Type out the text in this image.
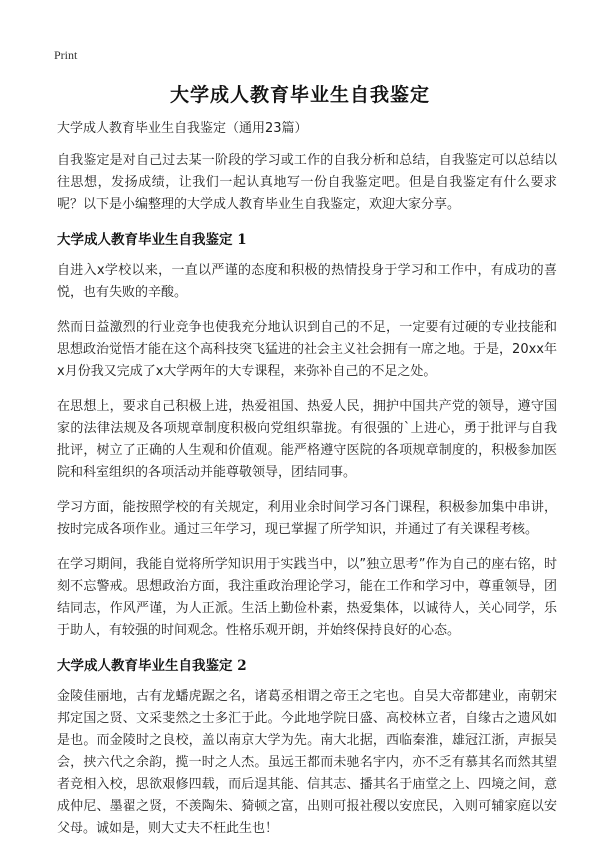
Print
大学成人教育毕业生自我鉴定
大学成人教育毕业生自我鉴定（通用23篇）

自我鉴定是对自己过去某一阶段的学习或工作的自我分析和总结，自我鉴定可以总结以往思想，发扬成绩，让我们一起认真地写一份自我鉴定吧。但是自我鉴定有什么要求呢？以下是小编整理的大学成人教育毕业生自我鉴定，欢迎大家分享。

大学成人教育毕业生自我鉴定 1

自进入x学校以来，一直以严谨的态度和积极的热情投身于学习和工作中，有成功的喜悦，也有失败的辛酸。

然而日益激烈的行业竞争也使我充分地认识到自己的不足，一定要有过硬的专业技能和思想政治觉悟才能在这个高科技突飞猛进的社会主义社会拥有一席之地。于是，20xx年x月份我又完成了x大学两年的大专课程，来弥补自己的不足之处。

在思想上，要求自己积极上进，热爱祖国、热爱人民，拥护中国共产党的领导，遵守国家的法律法规及各项规章制度积极向党组织靠拢。有很强的`上进心，勇于批评与自我批评，树立了正确的人生观和价值观。能严格遵守医院的各项规章制度的，积极参加医院和科室组织的各项活动并能尊敬领导，团结同事。

学习方面，能按照学校的有关规定，利用业余时间学习各门课程，积极参加集中串讲，按时完成各项作业。通过三年学习，现已掌握了所学知识，并通过了有关课程考核。

在学习期间，我能自觉将所学知识用于实践当中，以”独立思考”作为自己的座右铭，时刻不忘警戒。思想政治方面，我注重政治理论学习，能在工作和学习中，尊重领导，团结同志，作风严谨，为人正派。生活上勤俭朴素，热爱集体，以诚待人，关心同学，乐于助人，有较强的时间观念。性格乐观开朗，并始终保持良好的心态。

大学成人教育毕业生自我鉴定 2

金陵佳丽地，古有龙蟠虎踞之名，诸葛丞相谓之帝王之宅也。自吴大帝都建业，南朝宋邦定国之贤、文采斐然之士多汇于此。今此地学院日盛、高校林立者，自缘古之遗风如是也。而金陵时之良校，盖以南京大学为先。南大北据，西临秦淮，雄冠江浙，声振吴会，挟六代之余韵，揽一时之人杰。虽远王都而未驰名宇内，亦不乏有慕其名而然其望者竞相入校，思欲艰修四载，而后逞其能、信其志、播其名于庙堂之上、四境之间，意成仲尼、墨翟之贤，不羡陶朱、猗顿之富，出则可报社稷以安庶民，入则可辅家庭以安父母。诚如是，则大丈夫不枉此生也！
